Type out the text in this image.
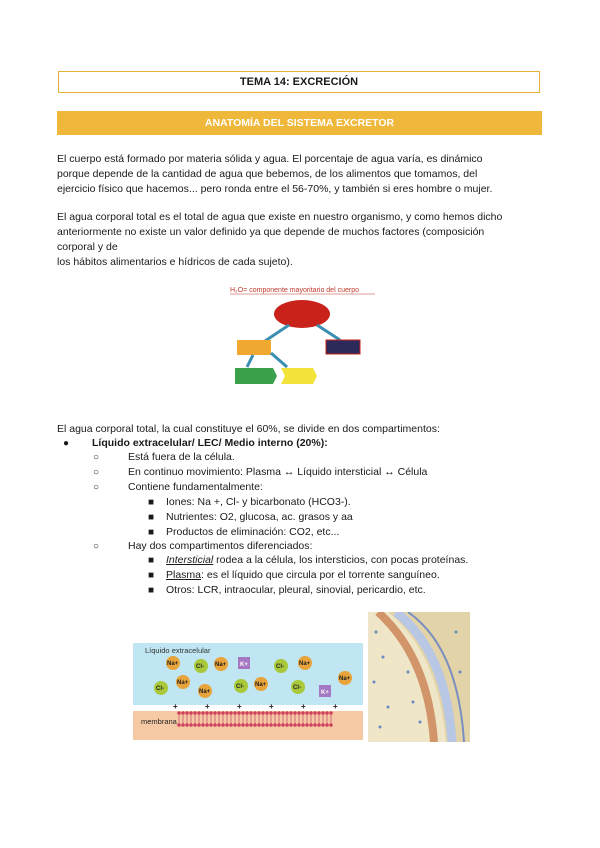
TEMA 14: EXCRECIÓN
ANATOMÍA DEL SISTEMA EXCRETOR

El cuerpo está formado por materia sólida y agua. El porcentaje de agua varía, es dinámico
porque depende de la cantidad de agua que bebemos, de los alimentos que tomamos, del
ejercicio físico que hacemos... pero ronda entre el 56-70%, y también si eres hombre o mujer.

El agua corporal total es el total de agua que existe en nuestro organismo, y como hemos dicho
anteriormente no existe un valor definido ya que depende de muchos factores (composición
corporal y de
los hábitos alimentarios e hídricos de cada sujeto).

H₂O= componente mayoritario del cuerpo

El agua corporal total, la cual constituye el 60%, se divide en dos compartimentos:

● Líquido extracelular/ LEC/ Medio interno (20%):
○	Está fuera de la célula.
○	En continuo movimiento: Plasma ↔ Líquido intersticial ↔ Célula
○	Contiene fundamentalmente:
■ Iones: Na +, Cl- y bicarbonato (HCO3-).
■ Nutrientes: O2, glucosa, ac. grasos y aa
■ Productos de eliminación: CO2, etc...
○	Hay dos compartimentos diferenciados:
■ Intersticial rodea a la célula, los intersticios, con pocas proteínas.
■ Plasma: es el líquido que circula por el torrente sanguíneo.
■ Otros: LCR, intraocular, pleural, sinovial, pericardio, etc.
Líquido extracelular
Na+	Cl- Na+ K+	Cl-	Na+
Na+
Cl-
Na+
Na+
Cl- Na+	Cl-
K+
+	+	+	+	+	+
membrana
